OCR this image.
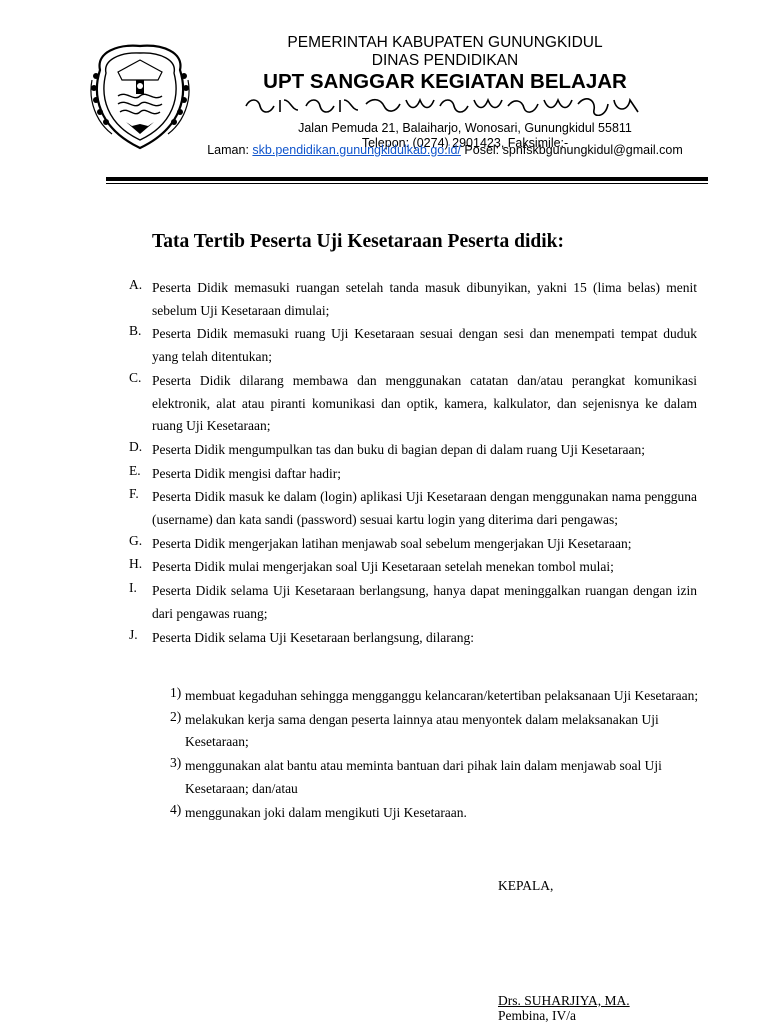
PEMERINTAH KABUPATEN GUNUNGKIDUL
DINAS PENDIDIKAN
UPT SANGGAR KEGIATAN BELAJAR
Jalan Pemuda 21, Balaiharjo, Wonosari, Gunungkidul 55811
Telepon: (0274) 2901423, Faksimile:-
Laman: skb.pendidikan.gunungkidulkab.go.id/ Posel: spnfskbgunungkidul@gmail.com
Tata Tertib Peserta Uji Kesetaraan Peserta didik:
A. Peserta Didik memasuki ruangan setelah tanda masuk dibunyikan, yakni 15 (lima belas) menit sebelum Uji Kesetaraan dimulai;
B. Peserta Didik memasuki ruang Uji Kesetaraan sesuai dengan sesi dan menempati tempat duduk yang telah ditentukan;
C. Peserta Didik dilarang membawa dan menggunakan catatan dan/atau perangkat komunikasi elektronik, alat atau piranti komunikasi dan optik, kamera, kalkulator, dan sejenisnya ke dalam ruang Uji Kesetaraan;
D. Peserta Didik mengumpulkan tas dan buku di bagian depan di dalam ruang Uji Kesetaraan;
E. Peserta Didik mengisi daftar hadir;
F. Peserta Didik masuk ke dalam (login) aplikasi Uji Kesetaraan dengan menggunakan nama pengguna (username) dan kata sandi (password) sesuai kartu login yang diterima dari pengawas;
G. Peserta Didik mengerjakan latihan menjawab soal sebelum mengerjakan Uji Kesetaraan;
H. Peserta Didik mulai mengerjakan soal Uji Kesetaraan setelah menekan tombol mulai;
I. Peserta Didik selama Uji Kesetaraan berlangsung, hanya dapat meninggalkan ruangan dengan izin dari pengawas ruang;
J. Peserta Didik selama Uji Kesetaraan berlangsung, dilarang:
1) membuat kegaduhan sehingga mengganggu kelancaran/ketertiban pelaksanaan Uji Kesetaraan;
2) melakukan kerja sama dengan peserta lainnya atau menyontek dalam melaksanakan Uji Kesetaraan;
3) menggunakan alat bantu atau meminta bantuan dari pihak lain dalam menjawab soal Uji Kesetaraan; dan/atau
4) menggunakan joki dalam mengikuti Uji Kesetaraan.
KEPALA,
Drs. SUHARJIYA, MA.
Pembina, IV/a
